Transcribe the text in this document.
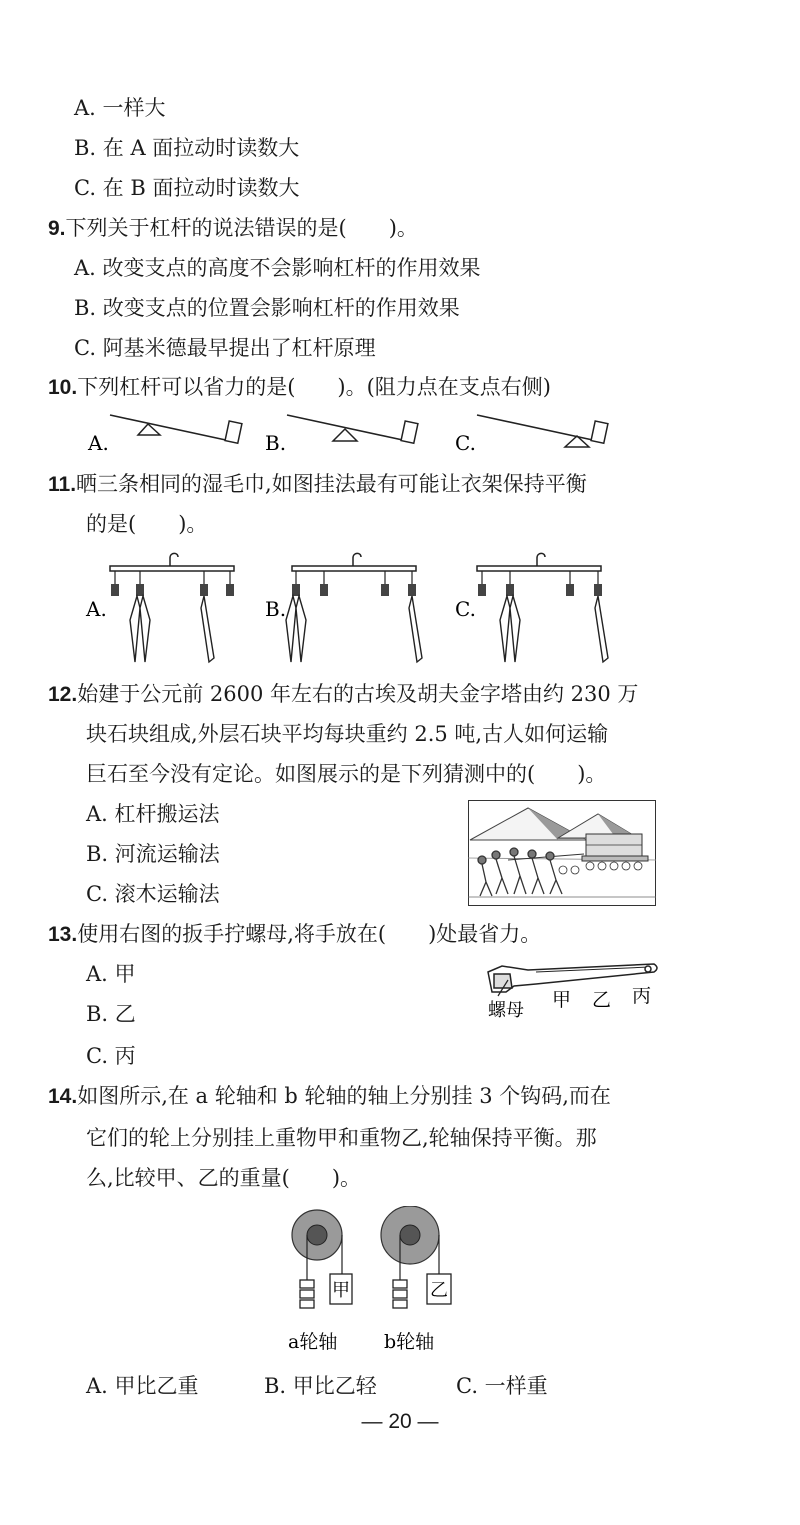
A. 一样大
B. 在 A 面拉动时读数大
C. 在 B 面拉动时读数大
9.下列关于杠杆的说法错误的是(　　)。
A. 改变支点的高度不会影响杠杆的作用效果
B. 改变支点的位置会影响杠杆的作用效果
C. 阿基米德最早提出了杠杆原理
10.下列杠杆可以省力的是(　　)。(阻力点在支点右侧)
A.	B.	C.
11.晒三条相同的湿毛巾,如图挂法最有可能让衣架保持平衡
的是(　　)。
A.	B.	C.
12.始建于公元前 2600 年左右的古埃及胡夫金字塔由约 230 万
块石块组成,外层石块平均每块重约 2.5 吨,古人如何运输
巨石至今没有定论。如图展示的是下列猜测中的(　　)。
A. 杠杆搬运法
B. 河流运输法
C. 滚木运输法
13.使用右图的扳手拧螺母,将手放在(　　)处最省力。
A. 甲
B. 乙
C. 丙
螺母 甲 乙 丙
14.如图所示,在 a 轮轴和 b 轮轴的轴上分别挂 3 个钩码,而在
它们的轮上分别挂上重物甲和重物乙,轮轴保持平衡。那
么,比较甲、乙的重量(　　)。
甲
a轮轴
乙
b轮轴
A. 甲比乙重	B. 甲比乙轻	C. 一样重
— 20 —
